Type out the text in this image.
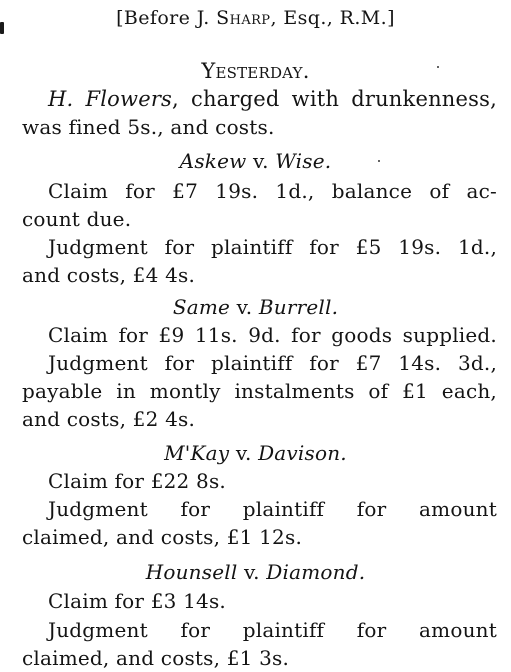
[Before J. Sharp, Esq., R.M.]
Yesterday.
H. Flowers, charged with drunkenness,
was fined 5s., and costs.
Askew v. Wise.
Claim for £7 19s. 1d., balance of ac-
count due.
Judgment for plaintiff for £5 19s. 1d.,
and costs, £4 4s.
Same v. Burrell.
Claim for £9 11s. 9d. for goods supplied.
Judgment for plaintiff for £7 14s. 3d.,
payable in montly instalments of £1 each,
and costs, £2 4s.
M'Kay v. Davison.
Claim for £22 8s.
Judgment for plaintiff for amount
claimed, and costs, £1 12s.
Hounsell v. Diamond.
Claim for £3 14s.
Judgment for plaintiff for amount
claimed, and costs, £1 3s.
